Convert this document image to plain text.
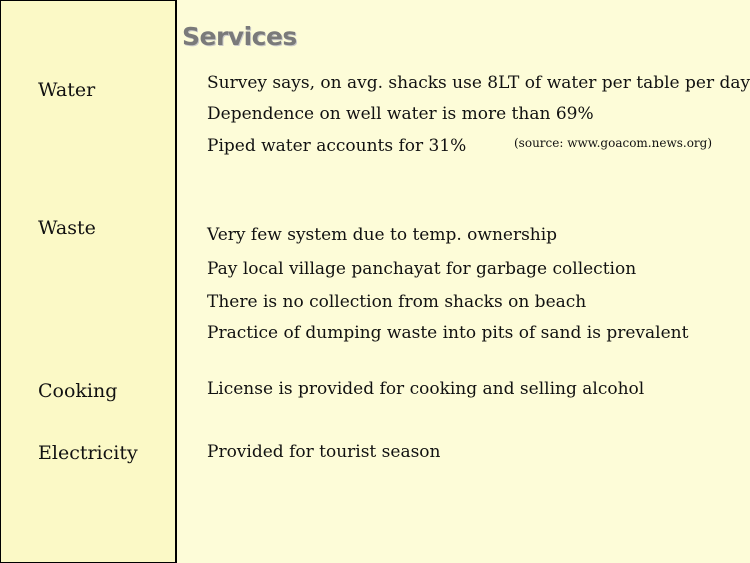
Services
Water
Waste
Cooking
Electricity
Survey says, on avg. shacks use 8LT of water per table per day
Dependence on well water is more than 69%
Piped water accounts for 31%	(source: www.goacom.news.org)
Very few system due to temp. ownership
Pay local village panchayat for garbage collection
There is no collection from shacks on beach
Practice of dumping waste into pits of sand is prevalent
License is provided for cooking and selling alcohol
Provided for tourist season
